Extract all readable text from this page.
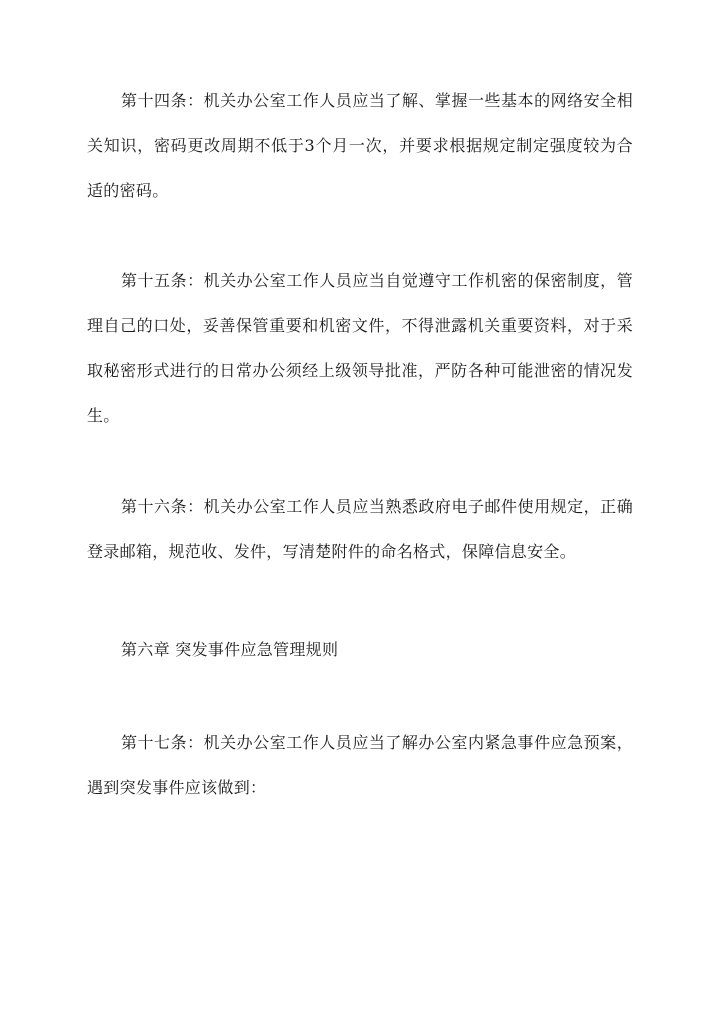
第十四条：机关办公室工作人员应当了解、掌握一些基本的网络安全相关知识，密码更改周期不低于3个月一次，并要求根据规定制定强度较为合适的密码。

第十五条：机关办公室工作人员应当自觉遵守工作机密的保密制度，管理自己的口处，妥善保管重要和机密文件，不得泄露机关重要资料，对于采取秘密形式进行的日常办公须经上级领导批准，严防各种可能泄密的情况发生。

第十六条：机关办公室工作人员应当熟悉政府电子邮件使用规定，正确登录邮箱，规范收、发件，写清楚附件的命名格式，保障信息安全。

第六章 突发事件应急管理规则

第十七条：机关办公室工作人员应当了解办公室内紧急事件应急预案，遇到突发事件应该做到：
